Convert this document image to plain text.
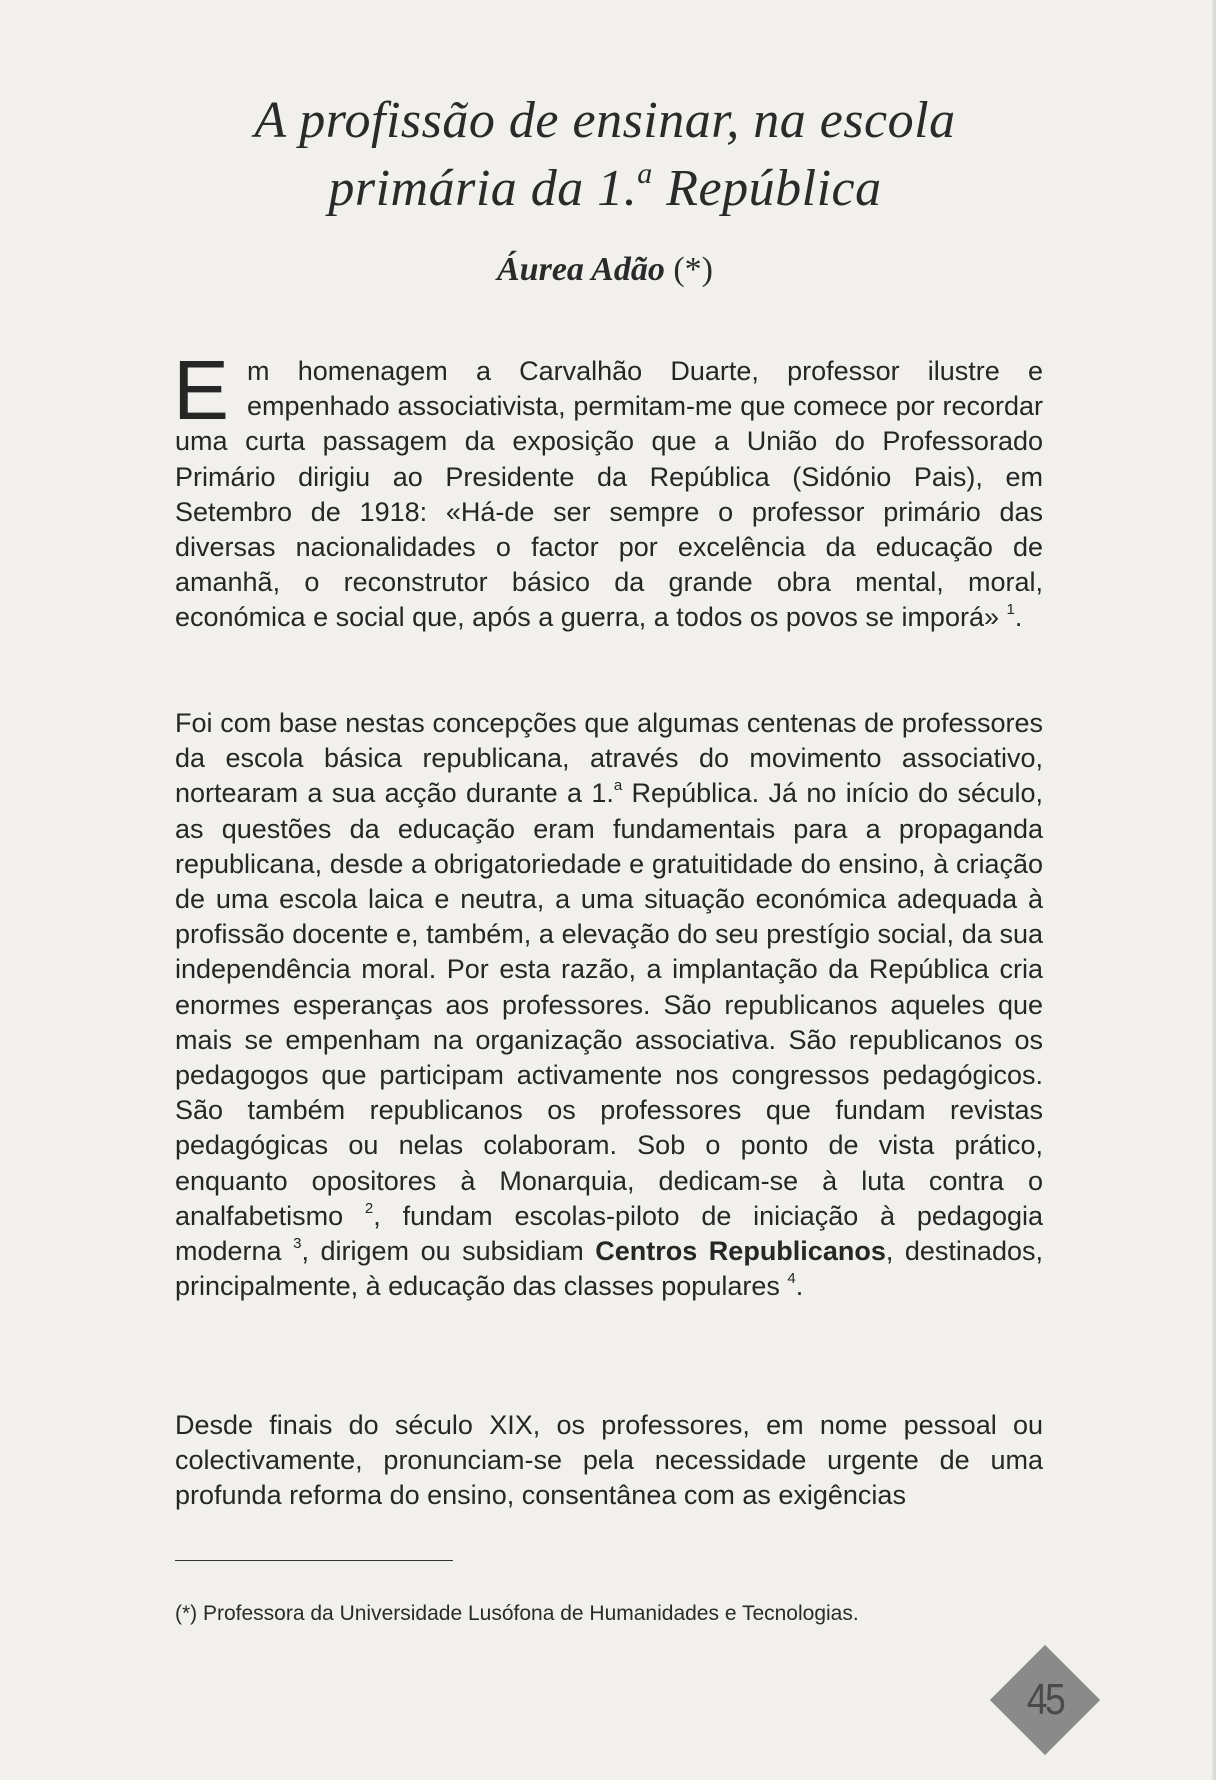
A profissão de ensinar, na escola
primária da 1.$^a$ República
Áurea Adão (*)

Em homenagem a Carvalhão Duarte, professor ilustre e empenhado associativista, permitam-me que comece por recordar uma curta passagem da exposição que a União do Professorado Primário dirigiu ao Presidente da República (Sidónio Pais), em Setembro de 1918: «Há-de ser sempre o professor primário das diversas nacionalidades o factor por excelência da educação de amanhã, o reconstrutor básico da grande obra mental, moral, económica e social que, após a guerra, a todos os povos se imporá» $^1$.

Foi com base nestas concepções que algumas centenas de professores da escola básica republicana, através do movimento associativo, nortearam a sua acção durante a 1.$^a$ República. Já no início do século, as questões da educação eram fundamentais para a propaganda republicana, desde a obrigatoriedade e gratuitidade do ensino, à criação de uma escola laica e neutra, a uma situação económica adequada à profissão docente e, também, a elevação do seu prestígio social, da sua independência moral. Por esta razão, a implantação da República cria enormes esperanças aos professores. São republicanos aqueles que mais se empenham na organização associativa. São republicanos os pedagogos que participam activamente nos congressos pedagógicos. São também republicanos os professores que fundam revistas pedagógicas ou nelas colaboram. Sob o ponto de vista prático, enquanto opositores à Monarquia, dedicam-se à luta contra o analfabetismo $^2$, fundam escolas-piloto de iniciação à pedagogia moderna $^3$, dirigem ou subsidiam Centros Republicanos, destinados, principalmente, à educação das classes populares $^4$.

Desde finais do século XIX, os professores, em nome pessoal ou colectivamente, pronunciam-se pela necessidade urgente de uma profunda reforma do ensino, consentânea com as exigências

(*) Professora da Universidade Lusófona de Humanidades e Tecnologias.

45
